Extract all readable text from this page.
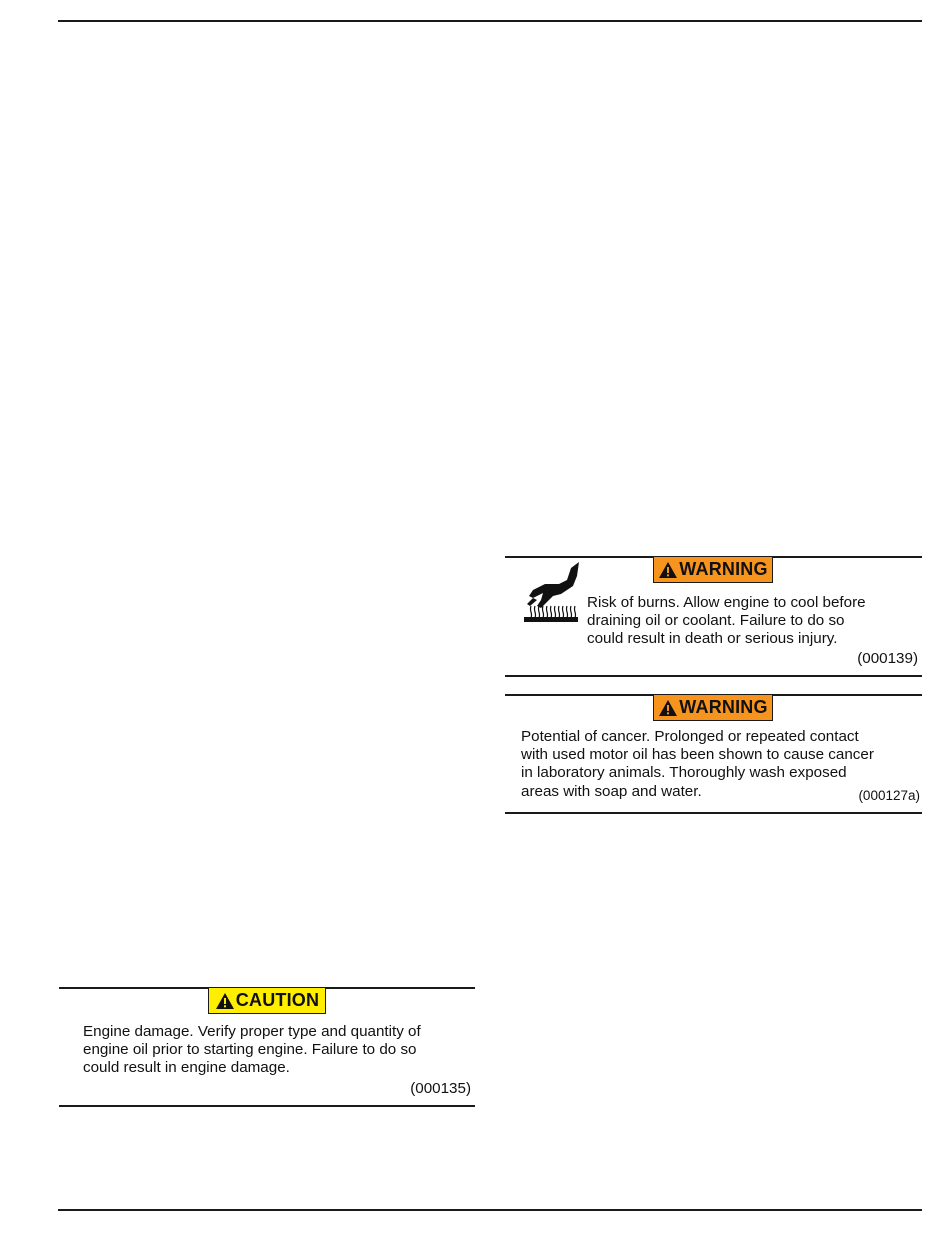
CAUTION
Engine damage. Verify proper type and quantity of
engine oil prior to starting engine. Failure to do so
could result in engine damage.
(000135)
WARNING
Risk of burns. Allow engine to cool before
draining oil or coolant. Failure to do so
could result in death or serious injury.
(000139)
WARNING
Potential of cancer. Prolonged or repeated contact
with used motor oil has been shown to cause cancer
in laboratory animals. Thoroughly wash exposed
areas with soap and water.	(000127a)
